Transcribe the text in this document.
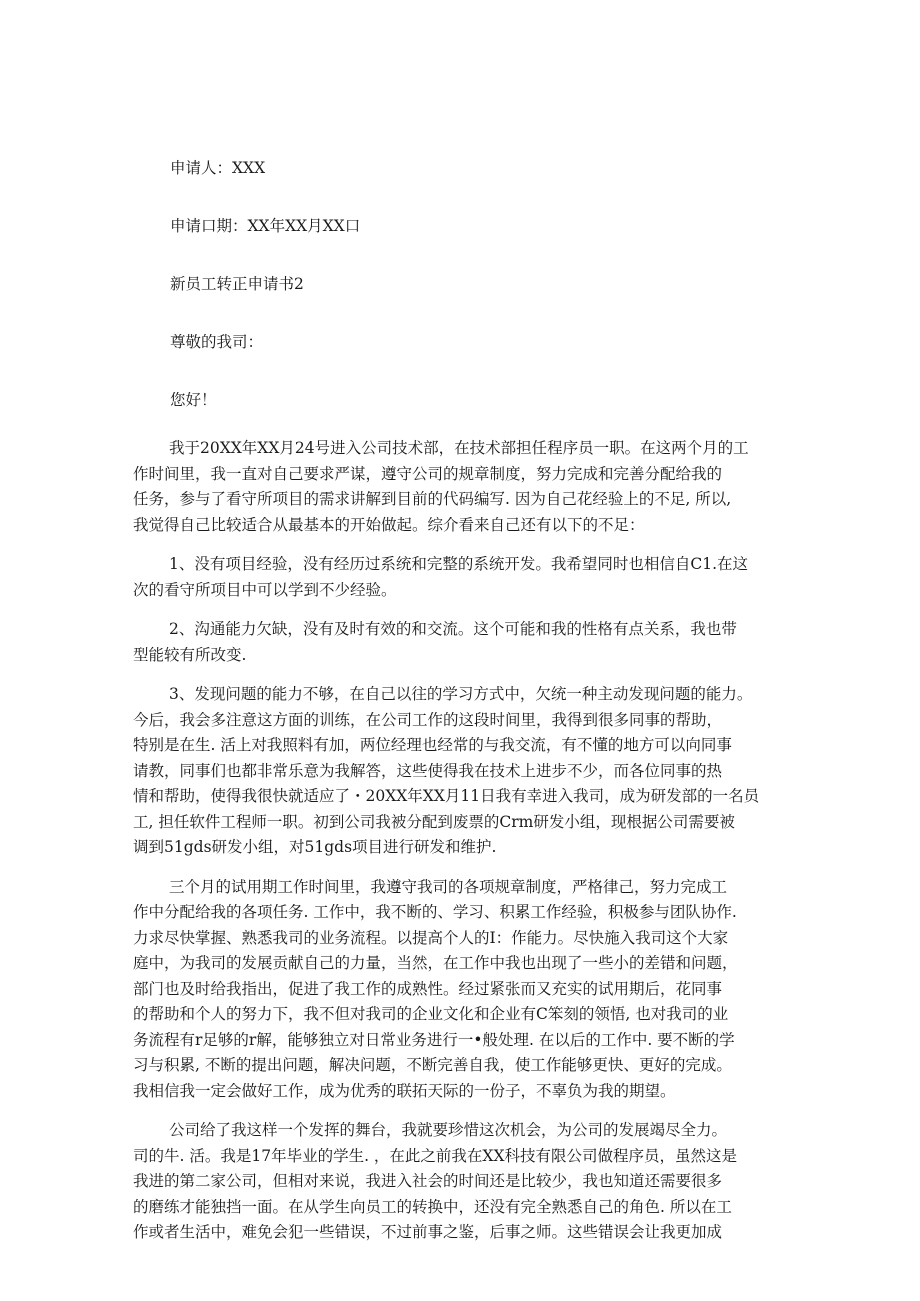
申请人：XXX

申请口期：XX年XX月XX口

新员工转正申请书2

尊敬的我司：

您好！

我于20XX年XX月24号进入公司技术部，在技术部担任程序员一职。在这两个月的工
作时间里，我一直对自己要求严谋，遵守公司的规章制度，努力完成和完善分配给我的
任务，参与了看守所项目的需求讲解到目前的代码编写. 因为自己花经验上的不足, 所以,
我觉得自己比较适合从最基本的开始做起。综介看来自己还有以下的不足：
1、没有项目经验，没有经历过系统和完整的系统开发。我希望同时也相信自C1.在这
次的看守所项目中可以学到不少经验。
2、沟通能力欠缺，没有及时有效的和交流。这个可能和我的性格有点关系，我也带
型能较有所改变.
3、发现问题的能力不够，在自己以往的学习方式中，欠统一种主动发现问题的能力。
今后，我会多注意这方面的训练，在公司工作的这段时间里，我得到很多同事的帮助，
特别是在生. 活上对我照料有加，两位经理也经常的与我交流，有不懂的地方可以向同事
请教，同事们也都非常乐意为我解答，这些使得我在技术上进步不少，而各位同事的热
情和帮助，使得我很快就适应了・20XX年XX月11日我有幸进入我司，成为研发部的一名员
工, 担任软件工程师一职。初到公司我被分配到废票的Crm研发小组，现根据公司需要被
调到51gds研发小组，对51gds项目进行研发和维护.
三个月的试用期工作时间里，我遵守我司的各项规章制度，严格律己，努力完成工
作中分配给我的各项任务. 工作中，我不断的、学习、积累工作经验，积极参与团队协作.
力求尽快掌握、熟悉我司的业务流程。以提高个人的I：作能力。尽快施入我司这个大家
庭中，为我司的发展贡献自己的力量，当然，在工作中我也出现了一些小的差错和问题，
部门也及时给我指出，促进了我工作的成熟性。经过紧张而又充实的试用期后，花同事
的帮助和个人的努力下，我不但对我司的企业文化和企业有C笨刻的领悟, 也对我司的业
务流程有r足够的r解，能够独立对日常业务进行一•般处理. 在以后的工作中. 要不断的学
习与积累, 不断的提出问题，解决问题，不断完善自我，使工作能够更快、更好的完成。
我相信我一定会做好工作，成为优秀的联拓天际的一份子，不辜负为我的期望。
公司给了我这样一个发挥的舞台，我就要珍惜这次机会，为公司的发展竭尽全力。
司的牛. 活。我是17年毕业的学生. ，在此之前我在XX科技有限公司做程序员，虽然这是
我进的第二家公司，但相对来说，我进入社会的时间还是比较少，我也知道还需要很多
的磨练才能独挡一面。在从学生向员工的转换中，还没有完全熟悉自己的角色. 所以在工
作或者生活中，难免会犯一些错误，不过前事之鉴，后事之师。这些错误会让我更加成
